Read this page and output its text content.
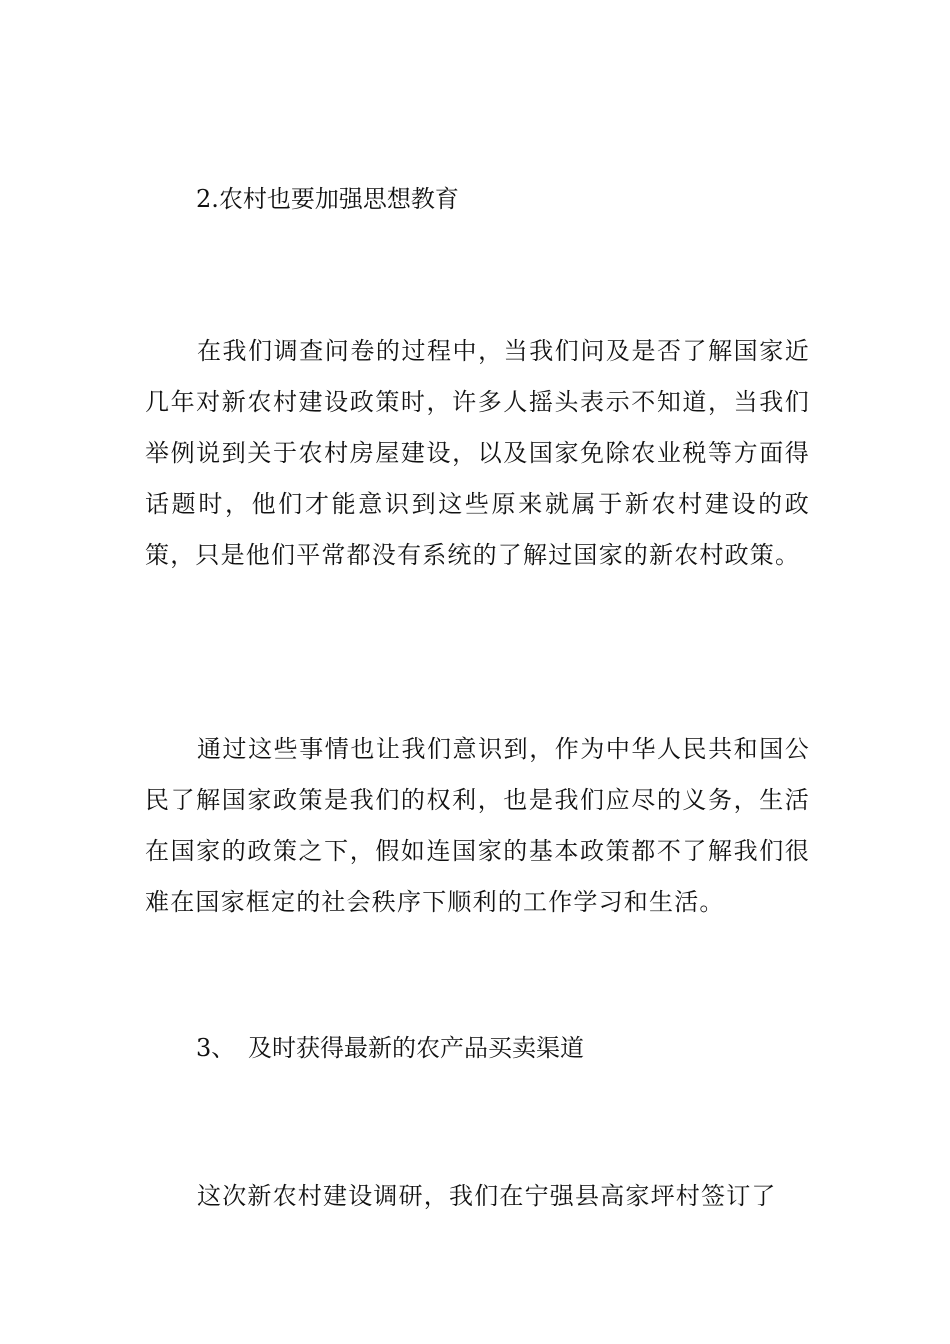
2.农村也要加强思想教育

在我们调查问卷的过程中，当我们问及是否了解国家近几年对新农村建设政策时，许多人摇头表示不知道，当我们举例说到关于农村房屋建设，以及国家免除农业税等方面得话题时，他们才能意识到这些原来就属于新农村建设的政策，只是他们平常都没有系统的了解过国家的新农村政策。

通过这些事情也让我们意识到，作为中华人民共和国公民了解国家政策是我们的权利，也是我们应尽的义务，生活在国家的政策之下，假如连国家的基本政策都不了解我们很难在国家框定的社会秩序下顺利的工作学习和生活。

3、 及时获得最新的农产品买卖渠道

这次新农村建设调研，我们在宁强县高家坪村签订了
